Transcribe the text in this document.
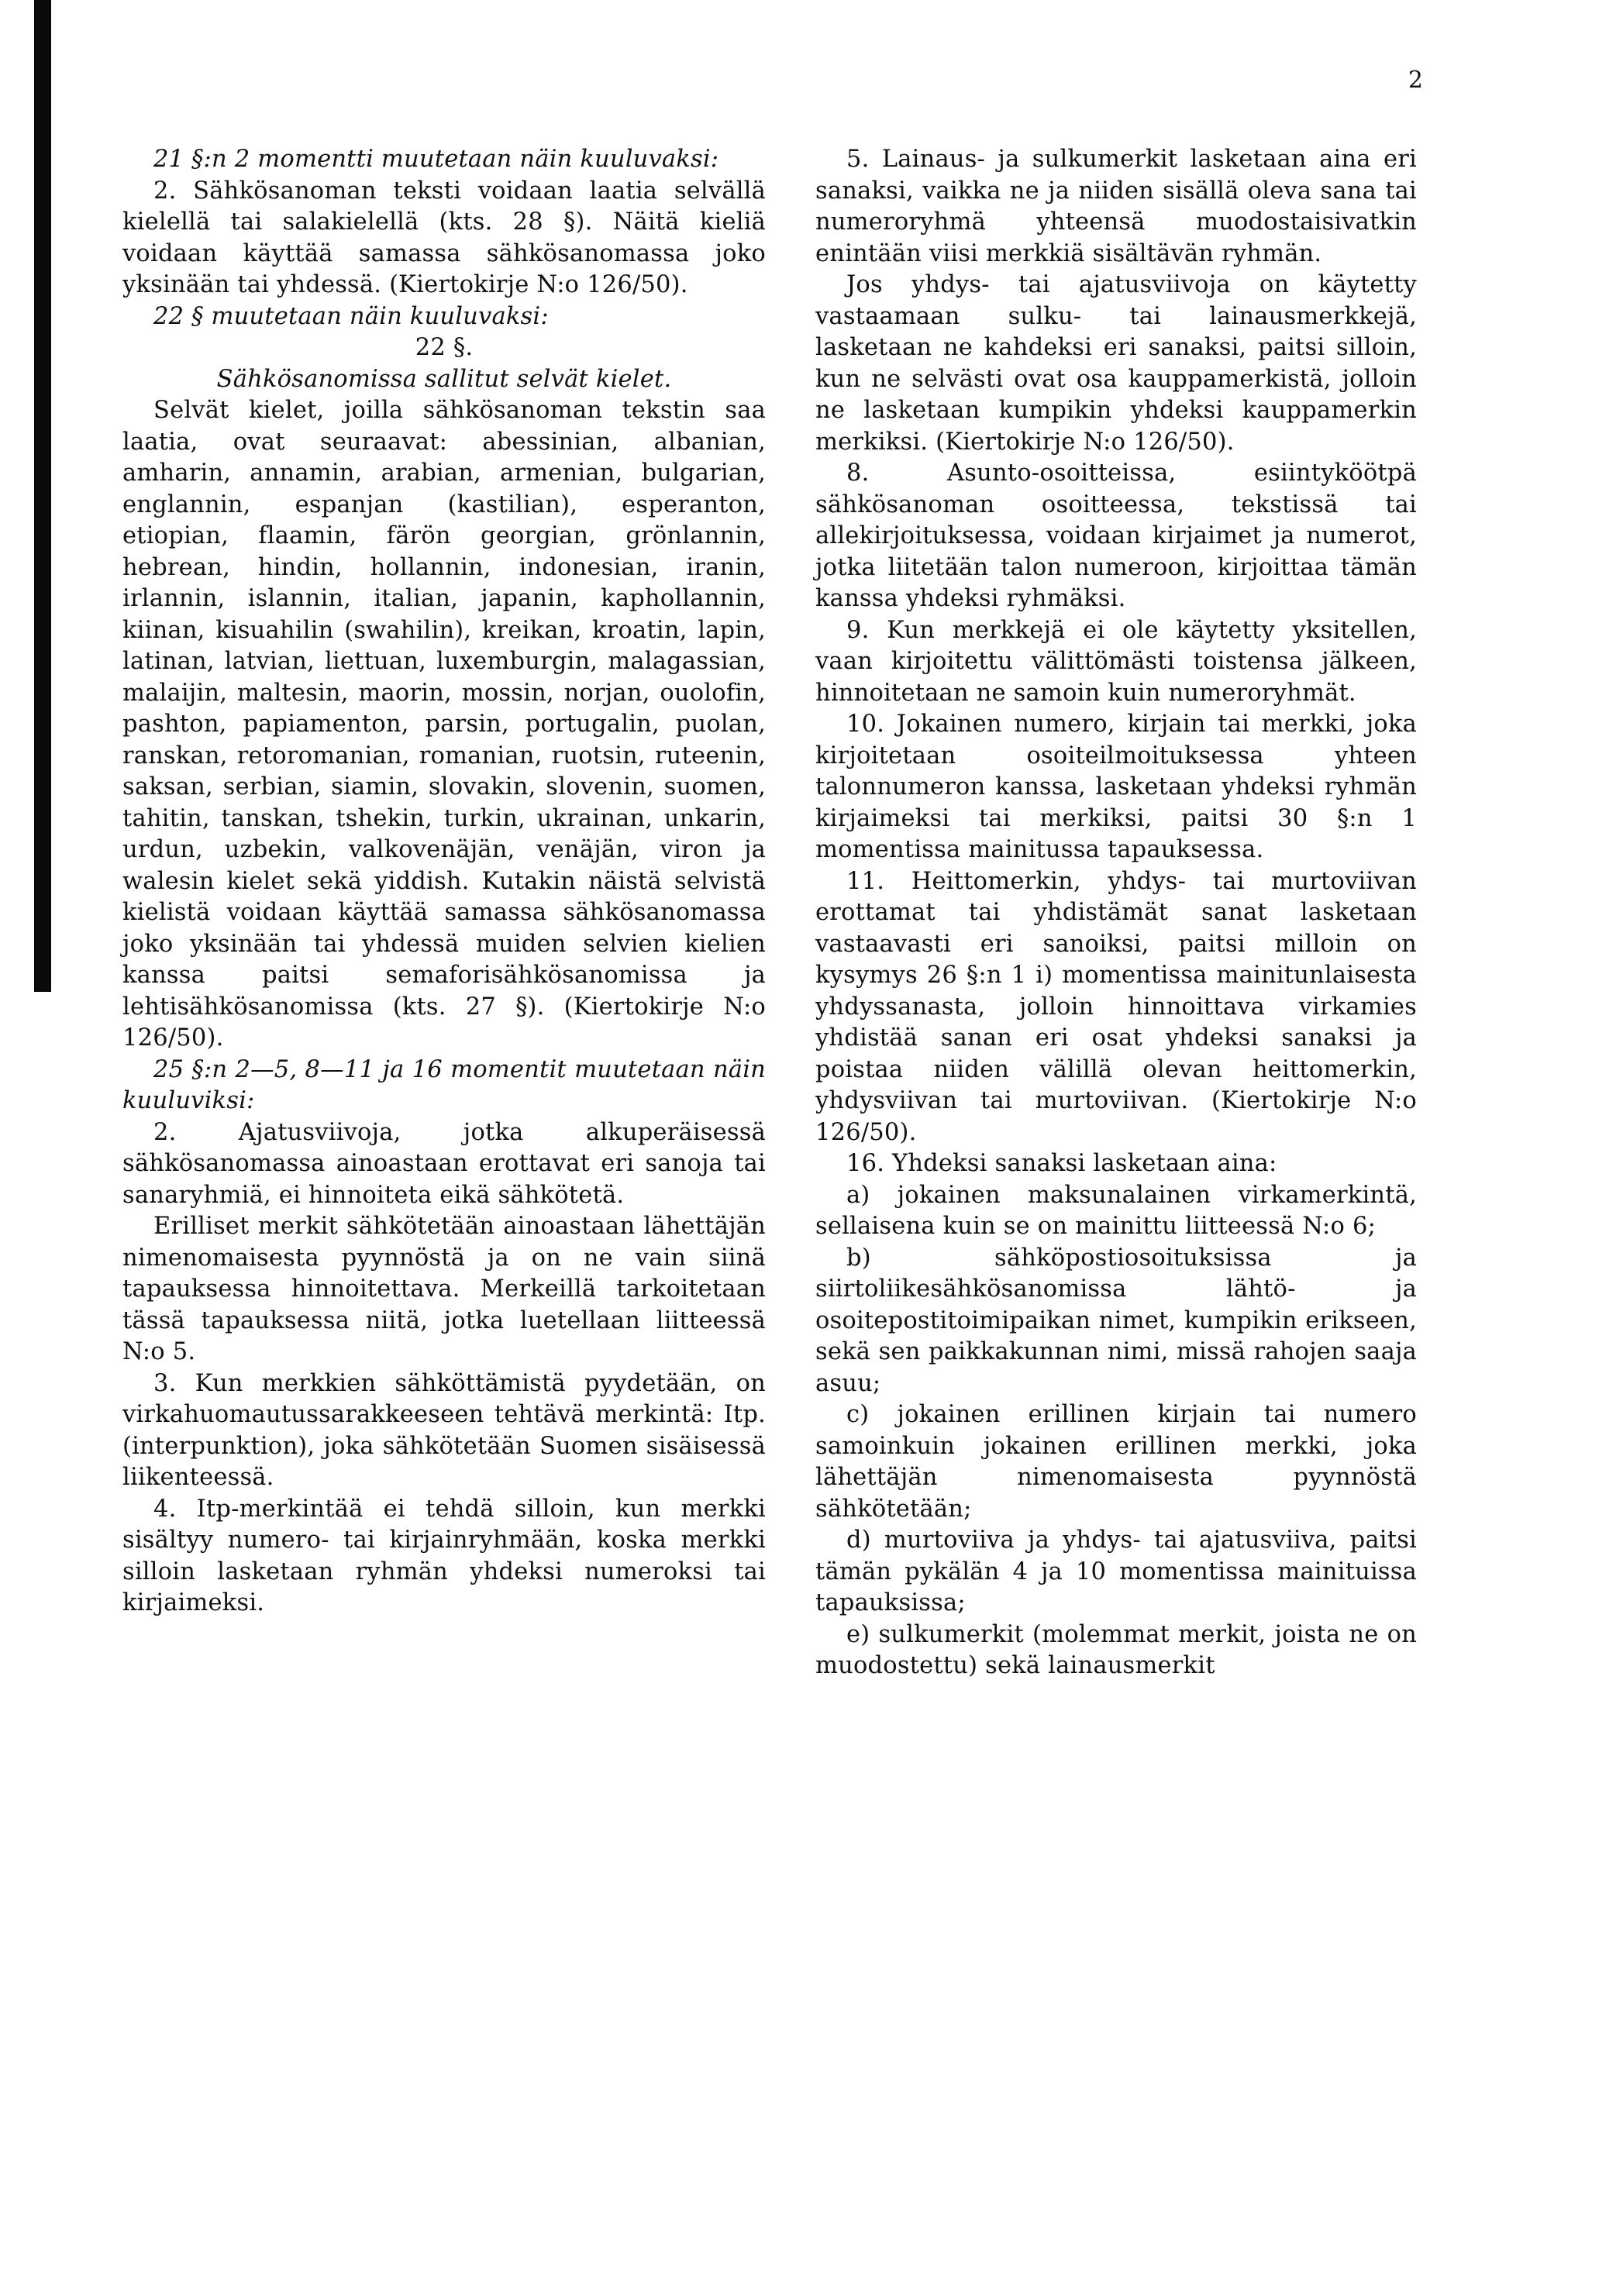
2

21 §:n 2 momentti muutetaan näin kuuluvaksi:

2. Sähkösanoman teksti voidaan laatia selvällä kielellä tai salakielellä (kts. 28 §). Näitä kieliä voidaan käyttää samassa sähkösanomassa joko yksinään tai yhdessä. (Kiertokirje N:o 126/50).

22 § muutetaan näin kuuluvaksi:

22 §.

Sähkösanomissa sallitut selvät kielet.

Selvät kielet, joilla sähkösanoman tekstin saa laatia, ovat seuraavat: abessinian, albanian, amharin, annamin, arabian, armenian, bulgarian, englannin, espanjan (kastilian), esperanton, etiopian, flaamin, färön georgian, grönlannin, hebrean, hindin, hollannin, indonesian, iranin, irlannin, islannin, italian, japanin, kaphollannin, kiinan, kisuahilin (swahilin), kreikan, kroatin, lapin, latinan, latvian, liettuan, luxemburgin, malagassian, malaijin, maltesin, maorin, mossin, norjan, ouolofin, pashton, papiamenton, parsin, portugalin, puolan, ranskan, retoromanian, romanian, ruotsin, ruteenin, saksan, serbian, siamin, slovakin, slovenin, suomen, tahitin, tanskan, tshekin, turkin, ukrainan, unkarin, urdun, uzbekin, valkovenäjän, venäjän, viron ja walesin kielet sekä yiddish. Kutakin näistä selvistä kielistä voidaan käyttää samassa sähkösanomassa joko yksinään tai yhdessä muiden selvien kielien kanssa paitsi semaforisähkösanomissa ja lehtisähkösanomissa (kts. 27 §). (Kiertokirje N:o 126/50).

25 §:n 2—5, 8—11 ja 16 momentit muutetaan näin kuuluviksi:

2. Ajatusviivoja, jotka alkuperäisessä sähkösanomassa ainoastaan erottavat eri sanoja tai sanaryhmiä, ei hinnoiteta eikä sähkötetä.

Erilliset merkit sähkötetään ainoastaan lähettäjän nimenomaisesta pyynnöstä ja on ne vain siinä tapauksessa hinnoitettava. Merkeillä tarkoitetaan tässä tapauksessa niitä, jotka luetellaan liitteessä N:o 5.

3. Kun merkkien sähköttämistä pyydetään, on virkahuomautussarakkeeseen tehtävä merkintä: Itp. (interpunktion), joka sähkötetään Suomen sisäisessä liikenteessä.

4. Itp-merkintää ei tehdä silloin, kun merkki sisältyy numero- tai kirjainryhmään, koska merkki silloin lasketaan ryhmän yhdeksi numeroksi tai kirjaimeksi.

5. Lainaus- ja sulkumerkit lasketaan aina eri sanaksi, vaikka ne ja niiden sisällä oleva sana tai numeroryhmä yhteensä muodostaisivatkin enintään viisi merkkiä sisältävän ryhmän.

Jos yhdys- tai ajatusviivoja on käytetty vastaamaan sulku- tai lainausmerkkejä, lasketaan ne kahdeksi eri sanaksi, paitsi silloin, kun ne selvästi ovat osa kauppamerkistä, jolloin ne lasketaan kumpikin yhdeksi kauppamerkin merkiksi. (Kiertokirje N:o 126/50).

8. Asunto-osoitteissa, esiintyköötpä sähkösanoman osoitteessa, tekstissä tai allekirjoituksessa, voidaan kirjaimet ja numerot, jotka liitetään talon numeroon, kirjoittaa tämän kanssa yhdeksi ryhmäksi.

9. Kun merkkejä ei ole käytetty yksitellen, vaan kirjoitettu välittömästi toistensa jälkeen, hinnoitetaan ne samoin kuin numeroryhmät.

10. Jokainen numero, kirjain tai merkki, joka kirjoitetaan osoiteilmoituksessa yhteen talonnumeron kanssa, lasketaan yhdeksi ryhmän kirjaimeksi tai merkiksi, paitsi 30 §:n 1 momentissa mainitussa tapauksessa.

11. Heittomerkin, yhdys- tai murtoviivan erottamat tai yhdistämät sanat lasketaan vastaavasti eri sanoiksi, paitsi milloin on kysymys 26 §:n 1 i) momentissa mainitunlaisesta yhdyssanasta, jolloin hinnoittava virkamies yhdistää sanan eri osat yhdeksi sanaksi ja poistaa niiden välillä olevan heittomerkin, yhdysviivan tai murtoviivan. (Kiertokirje N:o 126/50).

16. Yhdeksi sanaksi lasketaan aina:

a) jokainen maksunalainen virkamerkintä, sellaisena kuin se on mainittu liitteessä N:o 6;

b) sähköpostiosoituksissa ja siirtoliikesähkösanomissa lähtö- ja osoitepostitoimipaikan nimet, kumpikin erikseen, sekä sen paikkakunnan nimi, missä rahojen saaja asuu;

c) jokainen erillinen kirjain tai numero samoinkuin jokainen erillinen merkki, joka lähettäjän nimenomaisesta pyynnöstä sähkötetään;

d) murtoviiva ja yhdys- tai ajatusviiva, paitsi tämän pykälän 4 ja 10 momentissa mainituissa tapauksissa;

e) sulkumerkit (molemmat merkit, joista ne on muodostettu) sekä lainausmerkit
